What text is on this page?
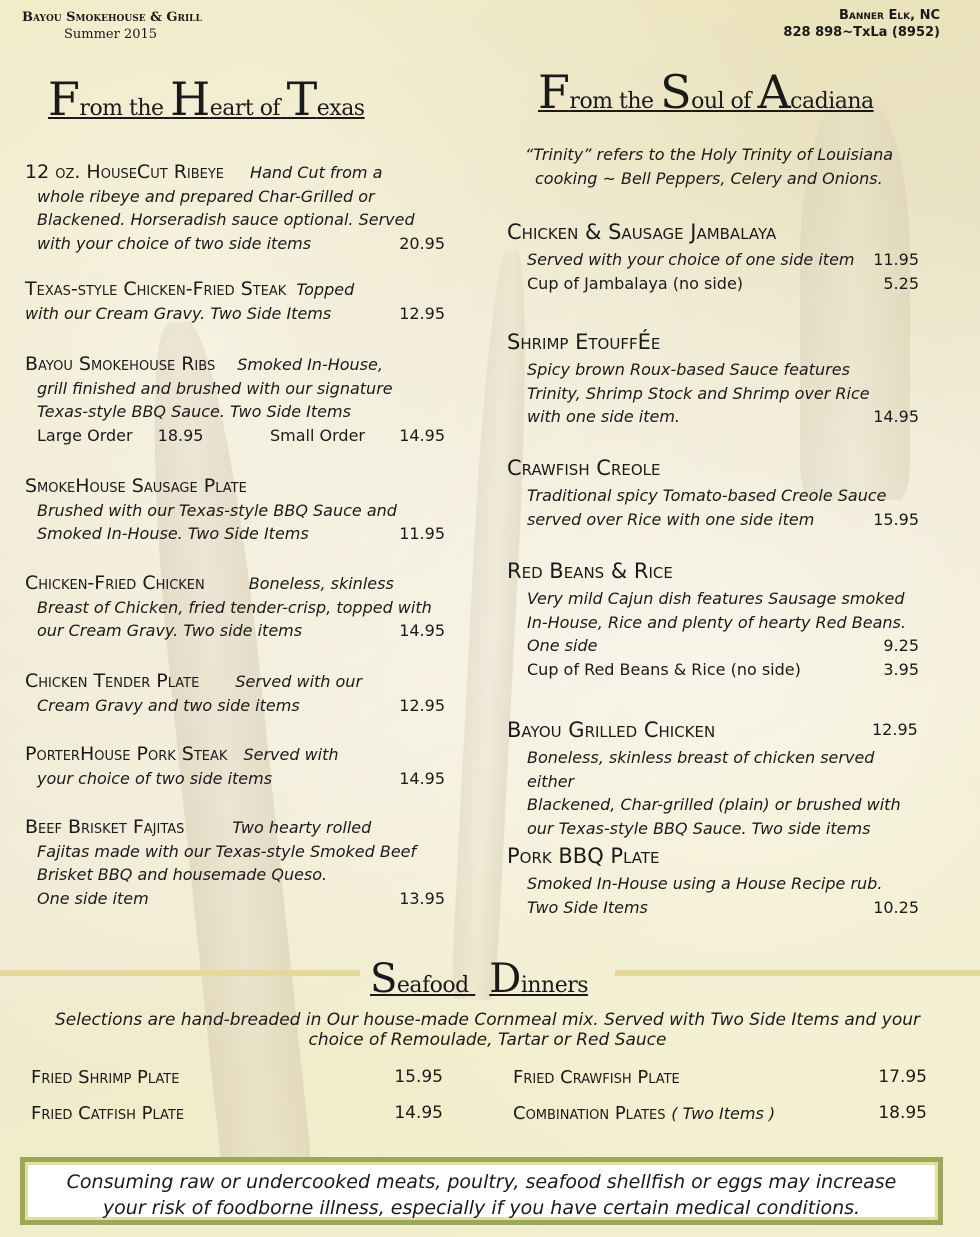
Bayou Smokehouse & Grill
Summer 2015
Banner Elk, NC
828 898~TxLa (8952)
From the Heart of Texas	From the Soul of Acadiana
12 oz. HouseCut Ribeye Hand Cut from a
whole ribeye and prepared Char-Grilled or
Blackened. Horseradish sauce optional. Served
with your choice of two side items	20.95
Texas-style Chicken-Fried Steak Topped
with our Cream Gravy. Two Side Items	12.95
Bayou Smokehouse Ribs Smoked In-House,
grill finished and brushed with our signature
Texas-style BBQ Sauce. Two Side Items
Large Order 18.95	Small Order 14.95
SmokeHouse Sausage Plate
Brushed with our Texas-style BBQ Sauce and
Smoked In-House. Two Side Items	11.95
Chicken-Fried Chicken	Boneless, skinless
Breast of Chicken, fried tender-crisp, topped with
our Cream Gravy. Two side items	14.95
Chicken Tender Plate Served with our
Cream Gravy and two side items	12.95
PorterHouse Pork Steak Served with
your choice of two side items	14.95
Beef Brisket Fajitas	Two hearty rolled
Fajitas made with our Texas-style Smoked Beef
Brisket BBQ and housemade Queso.
One side item	13.95
“Trinity” refers to the Holy Trinity of Louisiana
cooking ~ Bell Peppers, Celery and Onions.
Chicken & Sausage Jambalaya
Served with your choice of one side item 11.95
Cup of Jambalaya (no side)	5.25
Shrimp EtouffÉe
Spicy brown Roux-based Sauce features
Trinity, Shrimp Stock and Shrimp over Rice
with one side item.	14.95
Crawfish Creole
Traditional spicy Tomato-based Creole Sauce
served over Rice with one side item	15.95
Red Beans & Rice
Very mild Cajun dish features Sausage smoked
In-House, Rice and plenty of hearty Red Beans.
One side	9.25
Cup of Red Beans & Rice (no side)	3.95
Bayou Grilled Chicken	12.95
Boneless, skinless breast of chicken served either
Blackened, Char-grilled (plain) or brushed with
our Texas-style BBQ Sauce. Two side items
Pork BBQ Plate
Smoked In-House using a House Recipe rub.
Two Side Items	10.25
Seafood Dinners
Selections are hand-breaded in Our house-made Cornmeal mix. Served with Two Side Items and your
choice of Remoulade, Tartar or Red Sauce
Fried Shrimp Plate	15.95
Fried Catfish Plate	14.95
Fried Crawfish Plate	17.95
Combination Plates ( Two Items )	18.95
Consuming raw or undercooked meats, poultry, seafood shellfish or eggs may increase
your risk of foodborne illness, especially if you have certain medical conditions.
